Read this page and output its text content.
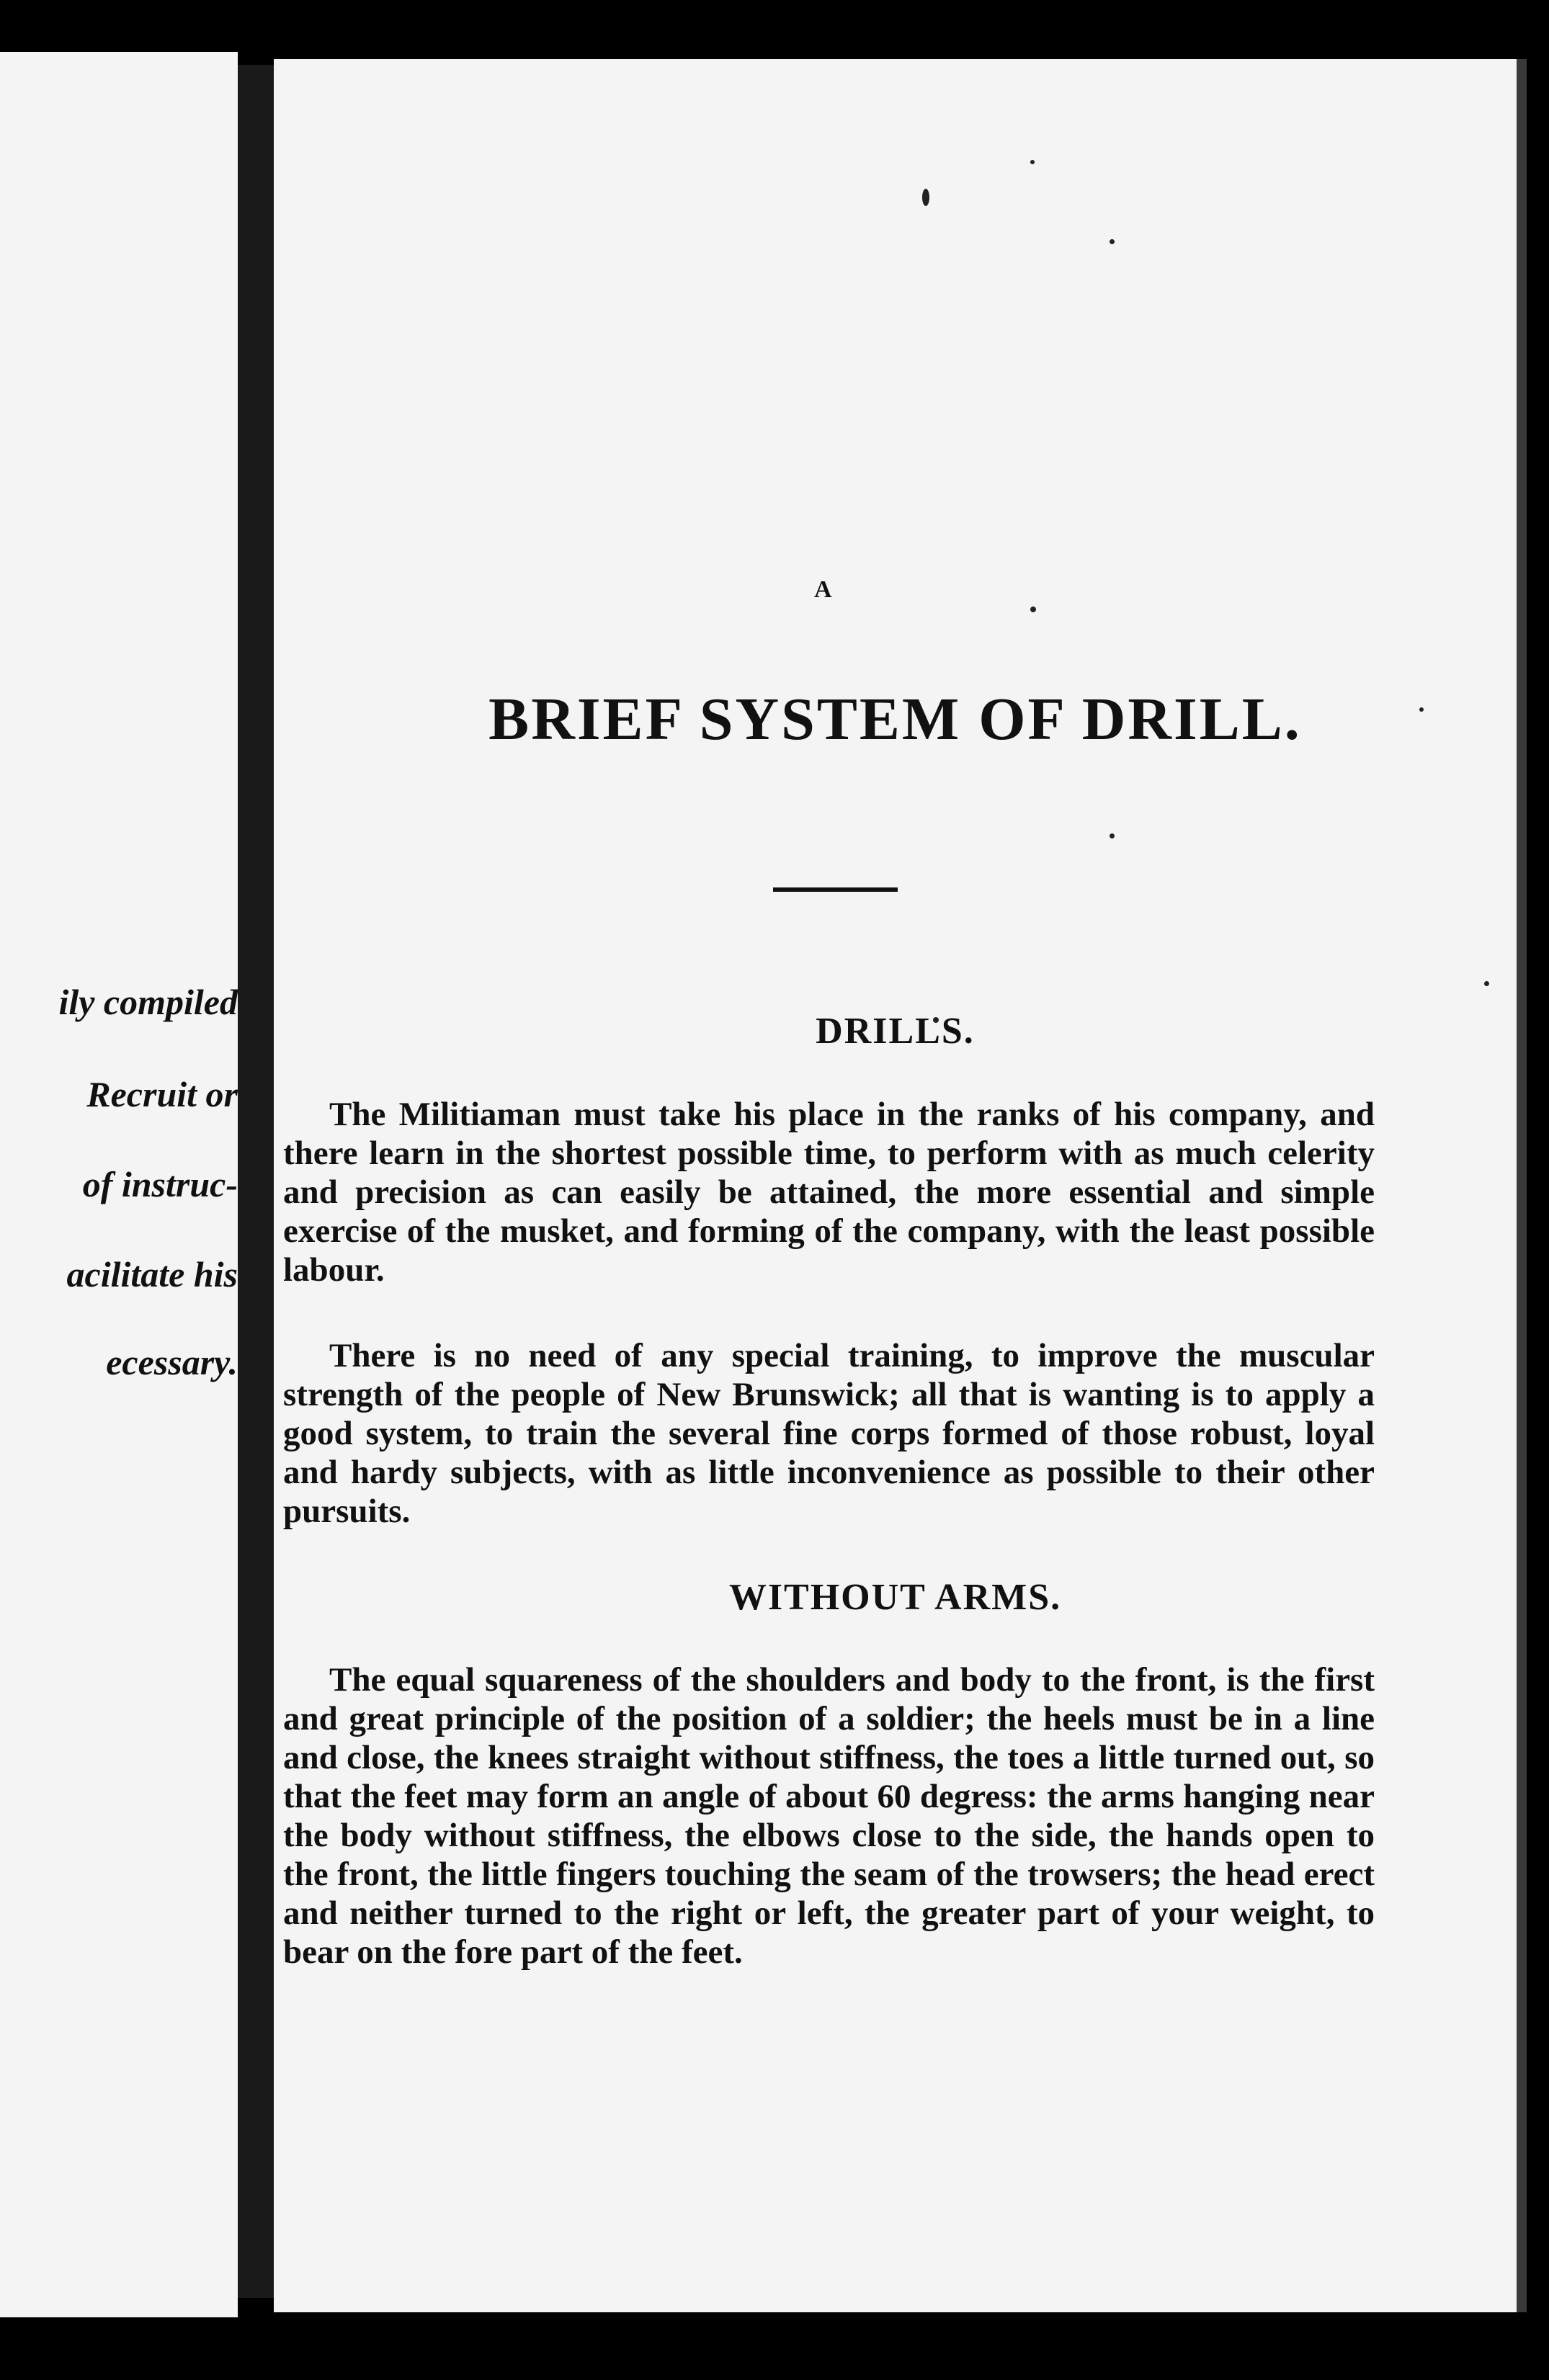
ily compiled
Recruit or
of instruc-
acilitate his
ecessary.
A
BRIEF SYSTEM OF DRILL.
DRILLS.

The Militiaman must take his place in the ranks of his company, and there learn in the shortest possible time, to perform with as much celerity and precision as can easily be attained, the more essential and simple exercise of the musket, and forming of the company, with the least possible labour.

There is no need of any special training, to improve the muscular strength of the people of New Brunswick; all that is wanting is to apply a good system, to train the several fine corps formed of those robust, loyal and hardy subjects, with as little inconvenience as possible to their other pursuits.

WITHOUT ARMS.

The equal squareness of the shoulders and body to the front, is the first and great principle of the position of a soldier; the heels must be in a line and close, the knees straight without stiffness, the toes a little turned out, so that the feet may form an angle of about 60 degress: the arms hanging near the body without stiffness, the elbows close to the side, the hands open to the front, the little fingers touching the seam of the trowsers; the head erect and neither turned to the right or left, the greater part of your weight, to bear on the fore part of the feet.
